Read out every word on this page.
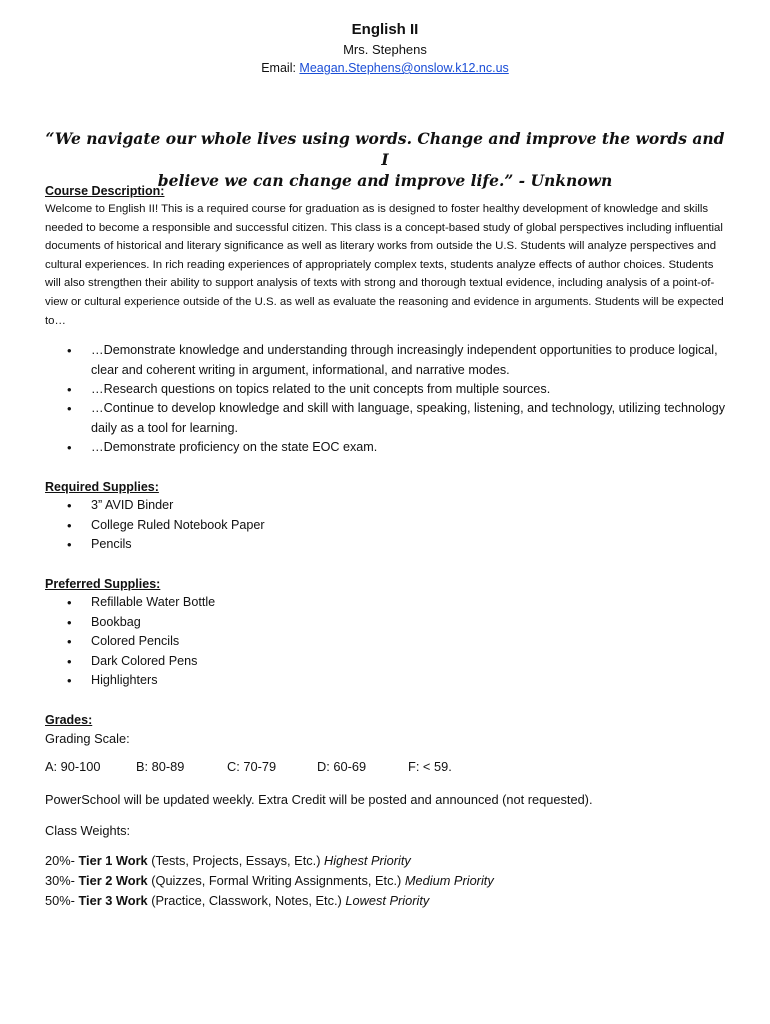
English II

Mrs. Stephens

Email: Meagan.Stephens@onslow.k12.nc.us

“We navigate our whole lives using words. Change and improve the words and I
believe we can change and improve life.” - Unknown

Course Description:

Welcome to English II! This is a required course for graduation as is designed to foster healthy development of knowledge and skills needed to become a responsible and successful citizen. This class is a concept-based study of global perspectives including influential documents of historical and literary significance as well as literary works from outside the U.S. Students will analyze perspectives and cultural experiences. In rich reading experiences of appropriately complex texts, students analyze effects of author choices. Students will also strengthen their ability to support analysis of texts with strong and thorough textual evidence, including analysis of a point-of-view or cultural experience outside of the U.S. as well as evaluate the reasoning and evidence in arguments. Students will be expected to…

• …Demonstrate knowledge and understanding through increasingly independent opportunities to produce logical, clear and coherent writing in argument, informational, and narrative modes.
• …Research questions on topics related to the unit concepts from multiple sources.
• …Continue to develop knowledge and skill with language, speaking, listening, and technology, utilizing technology daily as a tool for learning.
• …Demonstrate proficiency on the state EOC exam.

Required Supplies:

• 3” AVID Binder
• College Ruled Notebook Paper
• Pencils

Preferred Supplies:

• Refillable Water Bottle
• Bookbag
• Colored Pencils
• Dark Colored Pens
• Highlighters

Grades:

Grading Scale:

A: 90-100	B: 80-89	C: 70-79	D: 60-69	F: < 59.

PowerSchool will be updated weekly. Extra Credit will be posted and announced (not requested).

Class Weights:

20%- Tier 1 Work (Tests, Projects, Essays, Etc.) Highest Priority

30%- Tier 2 Work (Quizzes, Formal Writing Assignments, Etc.) Medium Priority

50%- Tier 3 Work (Practice, Classwork, Notes, Etc.) Lowest Priority
